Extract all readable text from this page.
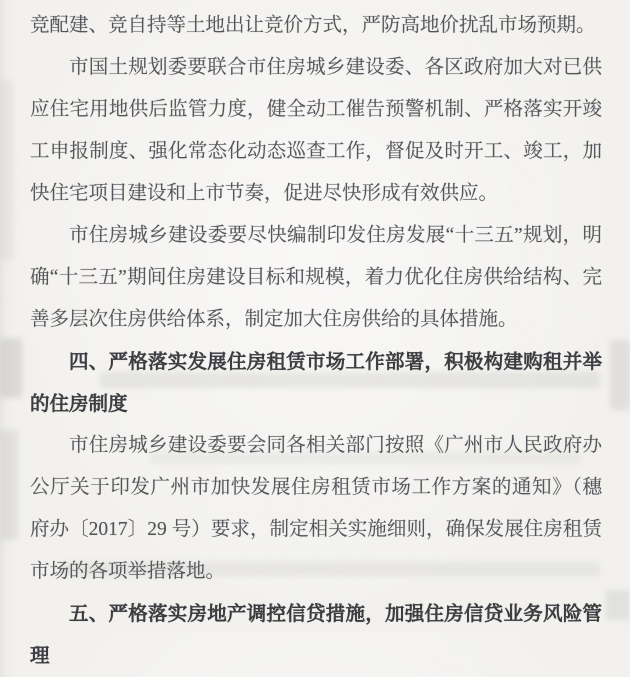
竞配建、竞自持等土地出让竞价方式，严防高地价扰乱市场预期。

市国土规划委要联合市住房城乡建设委、各区政府加大对已供应住宅用地供后监管力度，健全动工催告预警机制、严格落实开竣工申报制度、强化常态化动态巡查工作，督促及时开工、竣工，加快住宅项目建设和上市节奏，促进尽快形成有效供应。

市住房城乡建设委要尽快编制印发住房发展“十三五”规划，明确“十三五”期间住房建设目标和规模，着力优化住房供给结构、完善多层次住房供给体系，制定加大住房供给的具体措施。

四、严格落实发展住房租赁市场工作部署，积极构建购租并举的住房制度

市住房城乡建设委要会同各相关部门按照《广州市人民政府办公厅关于印发广州市加快发展住房租赁市场工作方案的通知》（穗府办〔2017〕29 号）要求，制定相关实施细则，确保发展住房租赁市场的各项举措落地。

五、严格落实房地产调控信贷措施，加强住房信贷业务风险管理
